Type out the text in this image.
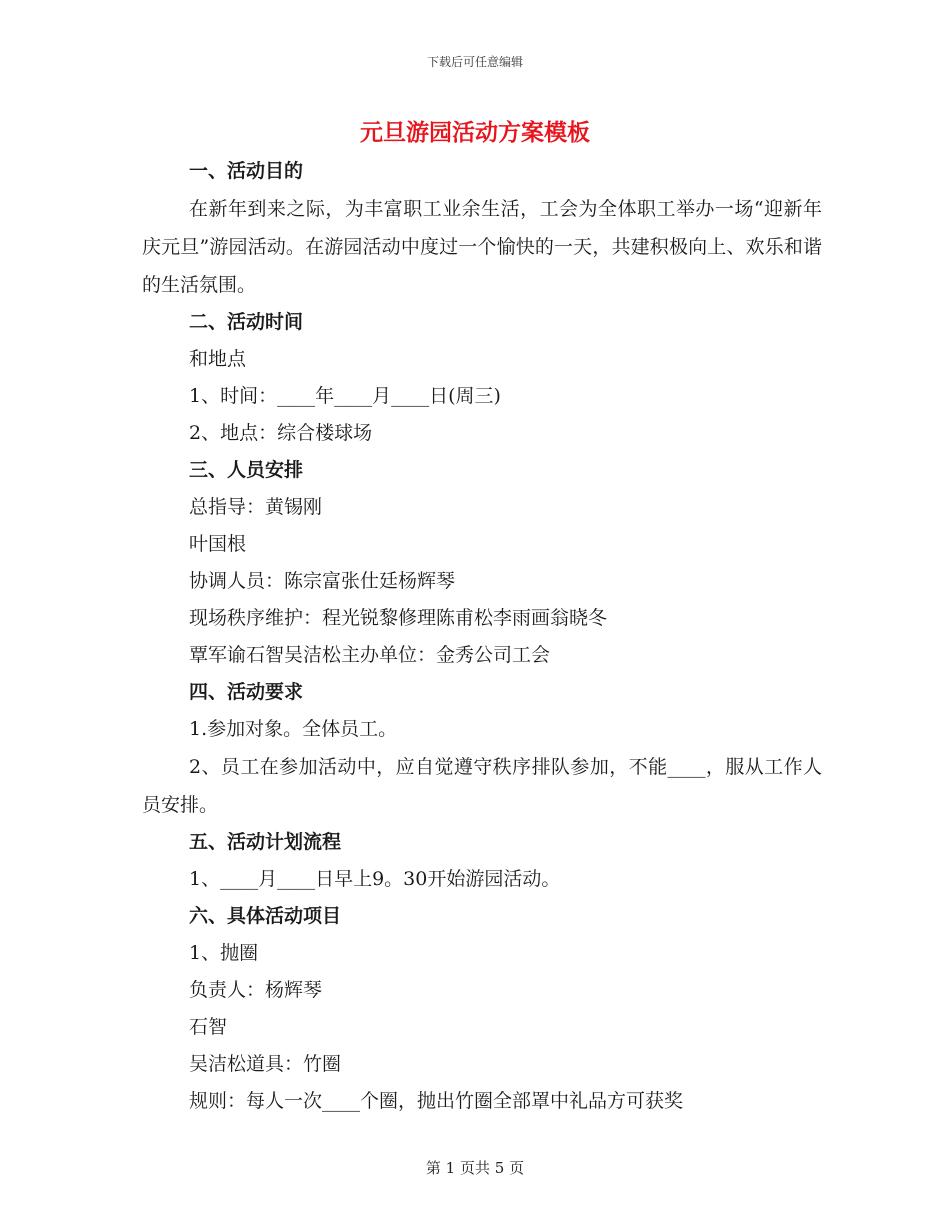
下载后可任意编辑
元旦游园活动方案模板
一、活动目的
在新年到来之际，为丰富职工业余生活，工会为全体职工举办一场“迎新年庆元旦”游园活动。在游园活动中度过一个愉快的一天，共建积极向上、欢乐和谐的生活氛围。
二、活动时间
和地点
1、时间：____年____月____日(周三)
2、地点：综合楼球场
三、人员安排
总指导：黄锡刚
叶国根
协调人员：陈宗富张仕廷杨辉琴
现场秩序维护：程光锐黎修理陈甫松李雨画翁晓冬
覃军谕石智吴洁松主办单位：金秀公司工会
四、活动要求
1.参加对象。全体员工。
2、员工在参加活动中，应自觉遵守秩序排队参加，不能____，服从工作人员安排。
五、活动计划流程
1、____月____日早上9。30开始游园活动。
六、具体活动项目
1、抛圈
负责人：杨辉琴
石智
吴洁松道具：竹圈
规则：每人一次____个圈，抛出竹圈全部罩中礼品方可获奖
第 1 页共 5 页
